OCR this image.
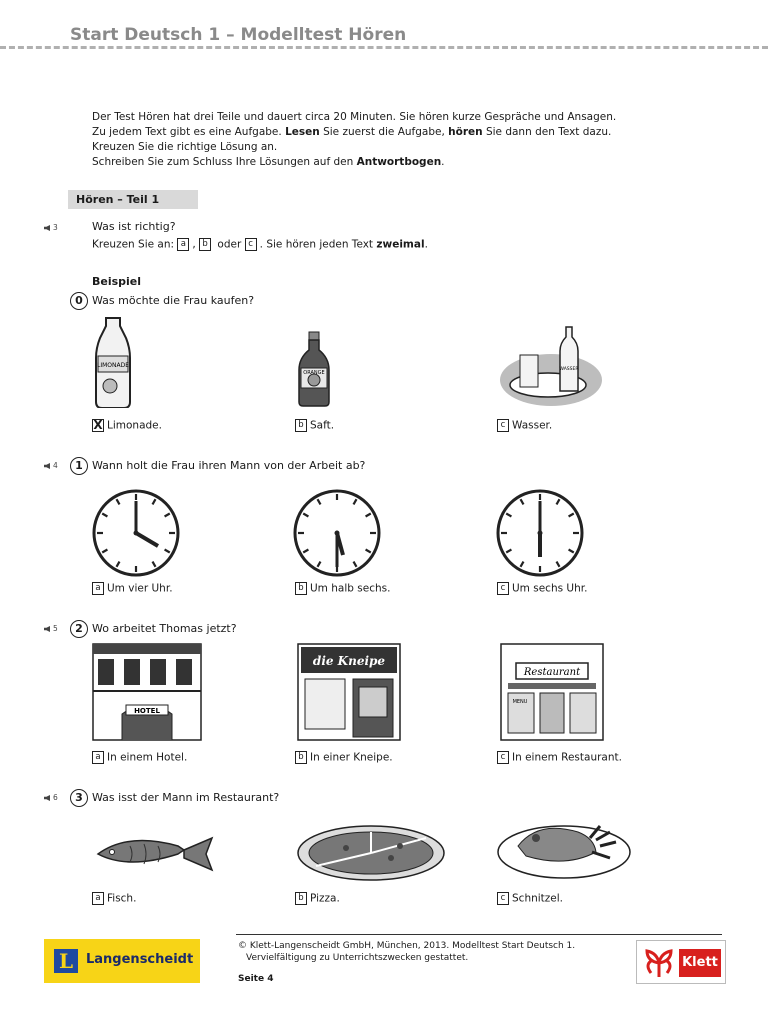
Start Deutsch 1 – Modelltest Hören

Der Test Hören hat drei Teile und dauert circa 20 Minuten. Sie hören kurze Gespräche und Ansagen.

Zu jedem Text gibt es eine Aufgabe. Lesen Sie zuerst die Aufgabe, hören Sie dann den Text dazu.

Kreuzen Sie die richtige Lösung an.

Schreiben Sie zum Schluss Ihre Lösungen auf den Antwortbogen.

Hören – Teil 1
3	Was ist richtig?
Kreuzen Sie an: a , b oder c . Sie hören jeden Text zweimal.
Beispiel
0 Was möchte die Frau kaufen?
LIMONADE
ORANGE
WASSER
X Limonade.	b Saft.	c Wasser.
4	1 Wann holt die Frau ihren Mann von der Arbeit ab?
a Um vier Uhr.	b Um halb sechs.	c Um sechs Uhr.
5	2 Wo arbeitet Thomas jetzt?
HOTEL
die Kneipe
Restaurant
MENU
a In einem Hotel.	b In einer Kneipe.	c In einem Restaurant.
6	3 Was isst der Mann im Restaurant?
a Fisch.	b Pizza.	c Schnitzel.
L Langenscheidt
© Klett-Langenscheidt GmbH, München, 2013. Modelltest Start Deutsch 1.
Vervielfältigung zu Unterrichtszwecken gestattet.
Seite 4
Klett
